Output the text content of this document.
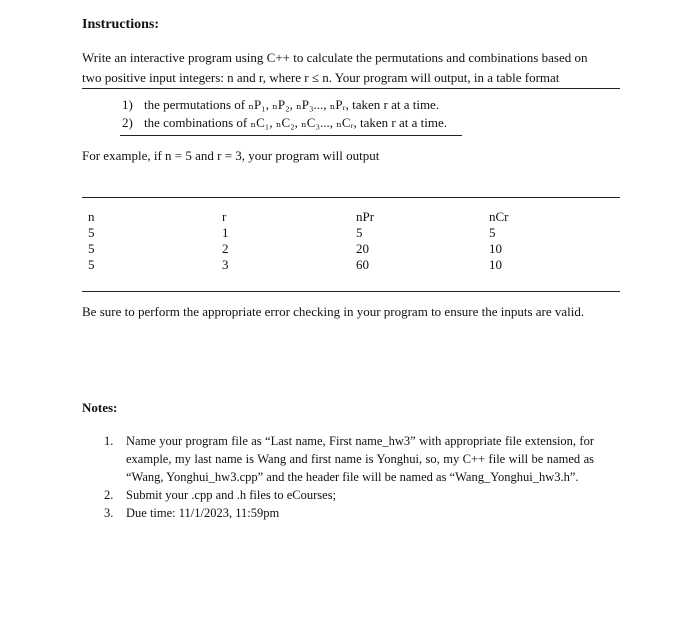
Instructions:
Write an interactive program using C++ to calculate the permutations and combinations based on
two positive input integers: n and r, where r ≤ n. Your program will output, in a table format
1) the permutations of ₙP₁, ₙP₂, ₙP₃..., ₙPᵣ, taken r at a time.
2) the combinations of ₙC₁, ₙC₂, ₙC₃..., ₙCᵣ, taken r at a time.
For example, if n = 5 and r = 3, your program will output
n
5
5
5
r
1
2
3
nPr
5
20
60
nCr
5
10
10
Be sure to perform the appropriate error checking in your program to ensure the inputs are valid.
Notes:
1. Name your program file as “Last name, First name_hw3” with appropriate file extension, for example, my last name is Wang and first name is Yonghui, so, my C++ file will be named as “Wang, Yonghui_hw3.cpp” and the header file will be named as “Wang_Yonghui_hw3.h”.
2. Submit your .cpp and .h files to eCourses;
3. Due time: 11/1/2023, 11:59pm
